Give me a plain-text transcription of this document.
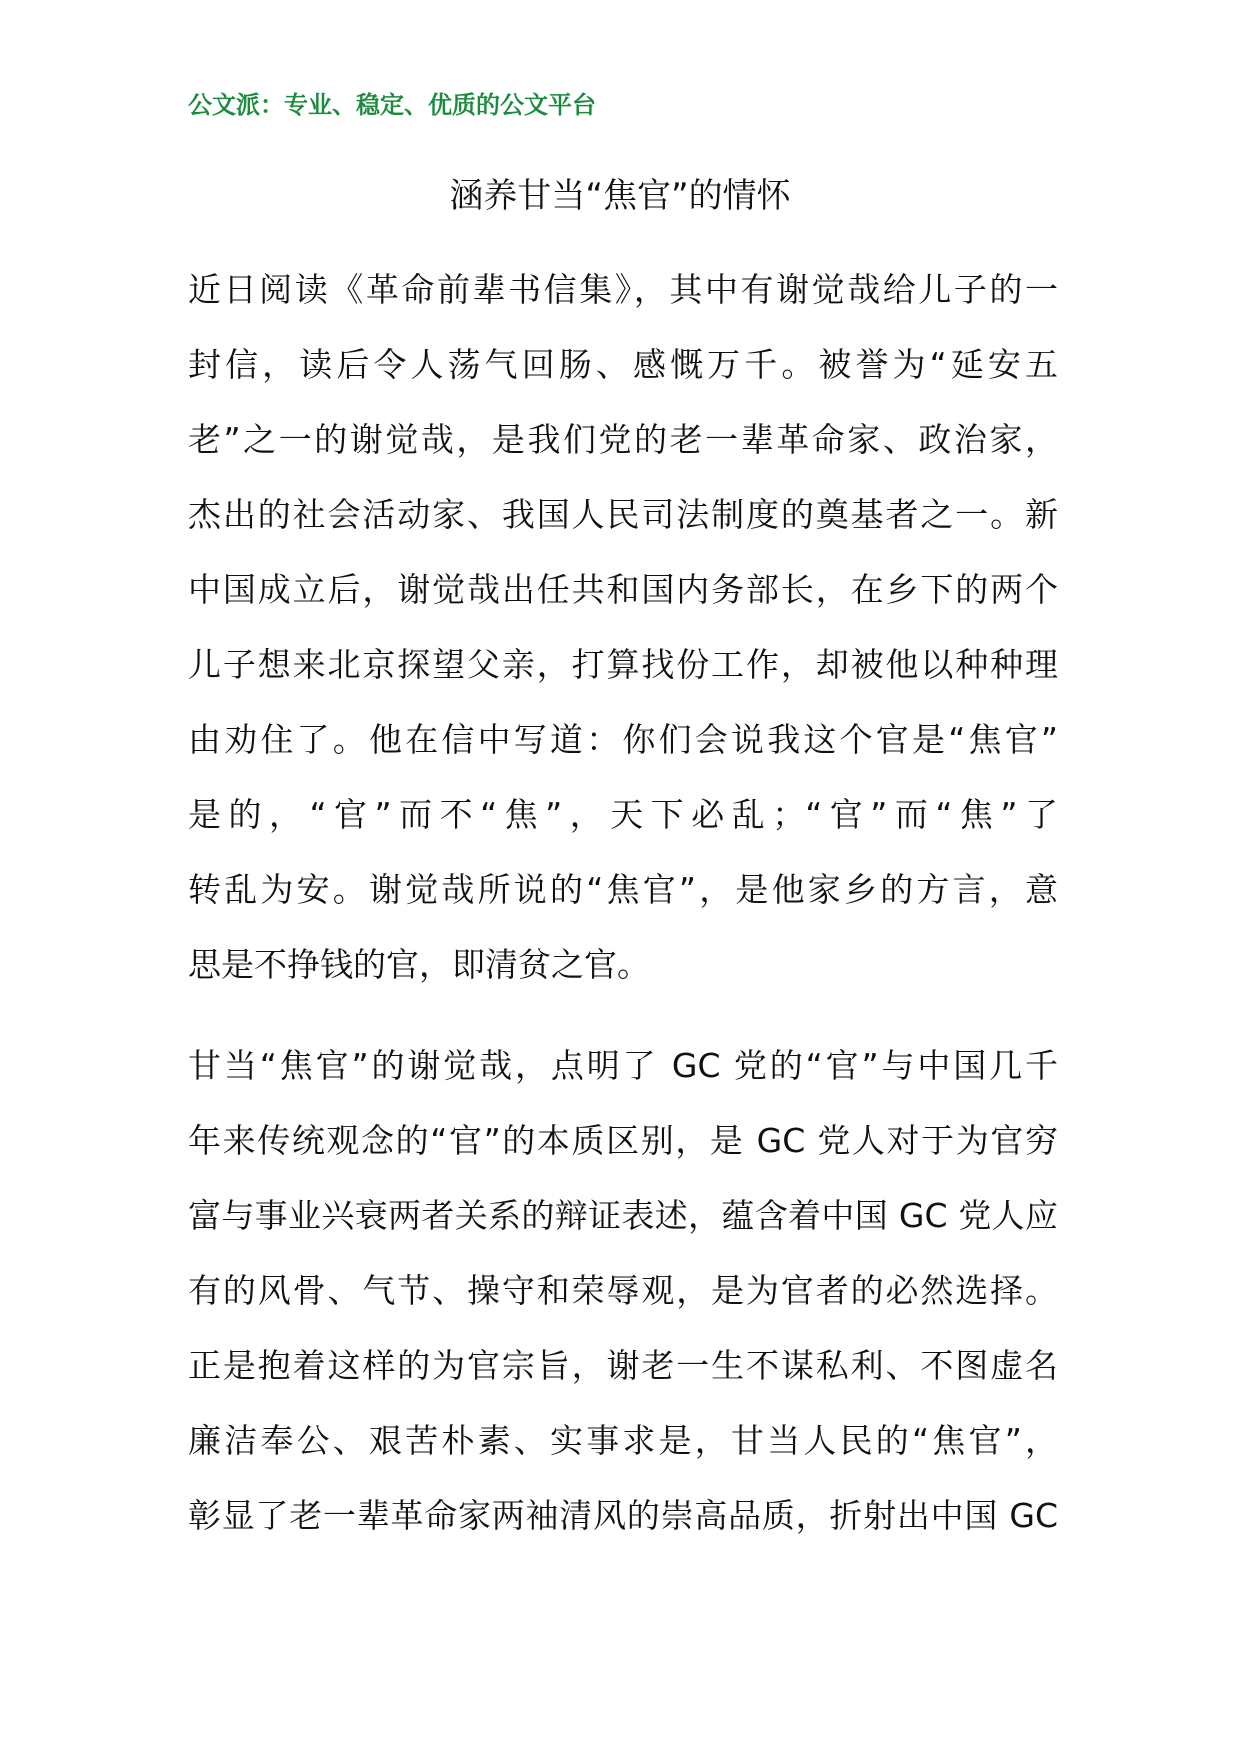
公文派：专业、稳定、优质的公文平台
涵养甘当“焦官”的情怀
近日阅读《革命前辈书信集》，其中有谢觉哉给儿子的一
封信，读后令人荡气回肠、感慨万千。被誉为“延安五
老”之一的谢觉哉，是我们党的老一辈革命家、政治家，
杰出的社会活动家、我国人民司法制度的奠基者之一。新
中国成立后，谢觉哉出任共和国内务部长，在乡下的两个
儿子想来北京探望父亲，打算找份工作，却被他以种种理
由劝住了。他在信中写道：你们会说我这个官是“焦官”
是的，“官”而不“焦”，天下必乱；“官”而“焦”了
转乱为安。谢觉哉所说的“焦官”，是他家乡的方言，意
思是不挣钱的官，即清贫之官。
甘当“焦官”的谢觉哉，点明了 GC 党的“官”与中国几千
年来传统观念的“官”的本质区别，是 GC 党人对于为官穷
富与事业兴衰两者关系的辩证表述，蕴含着中国 GC 党人应
有的风骨、气节、操守和荣辱观，是为官者的必然选择。
正是抱着这样的为官宗旨，谢老一生不谋私利、不图虚名
廉洁奉公、艰苦朴素、实事求是，甘当人民的“焦官”，
彰显了老一辈革命家两袖清风的崇高品质，折射出中国 GC
